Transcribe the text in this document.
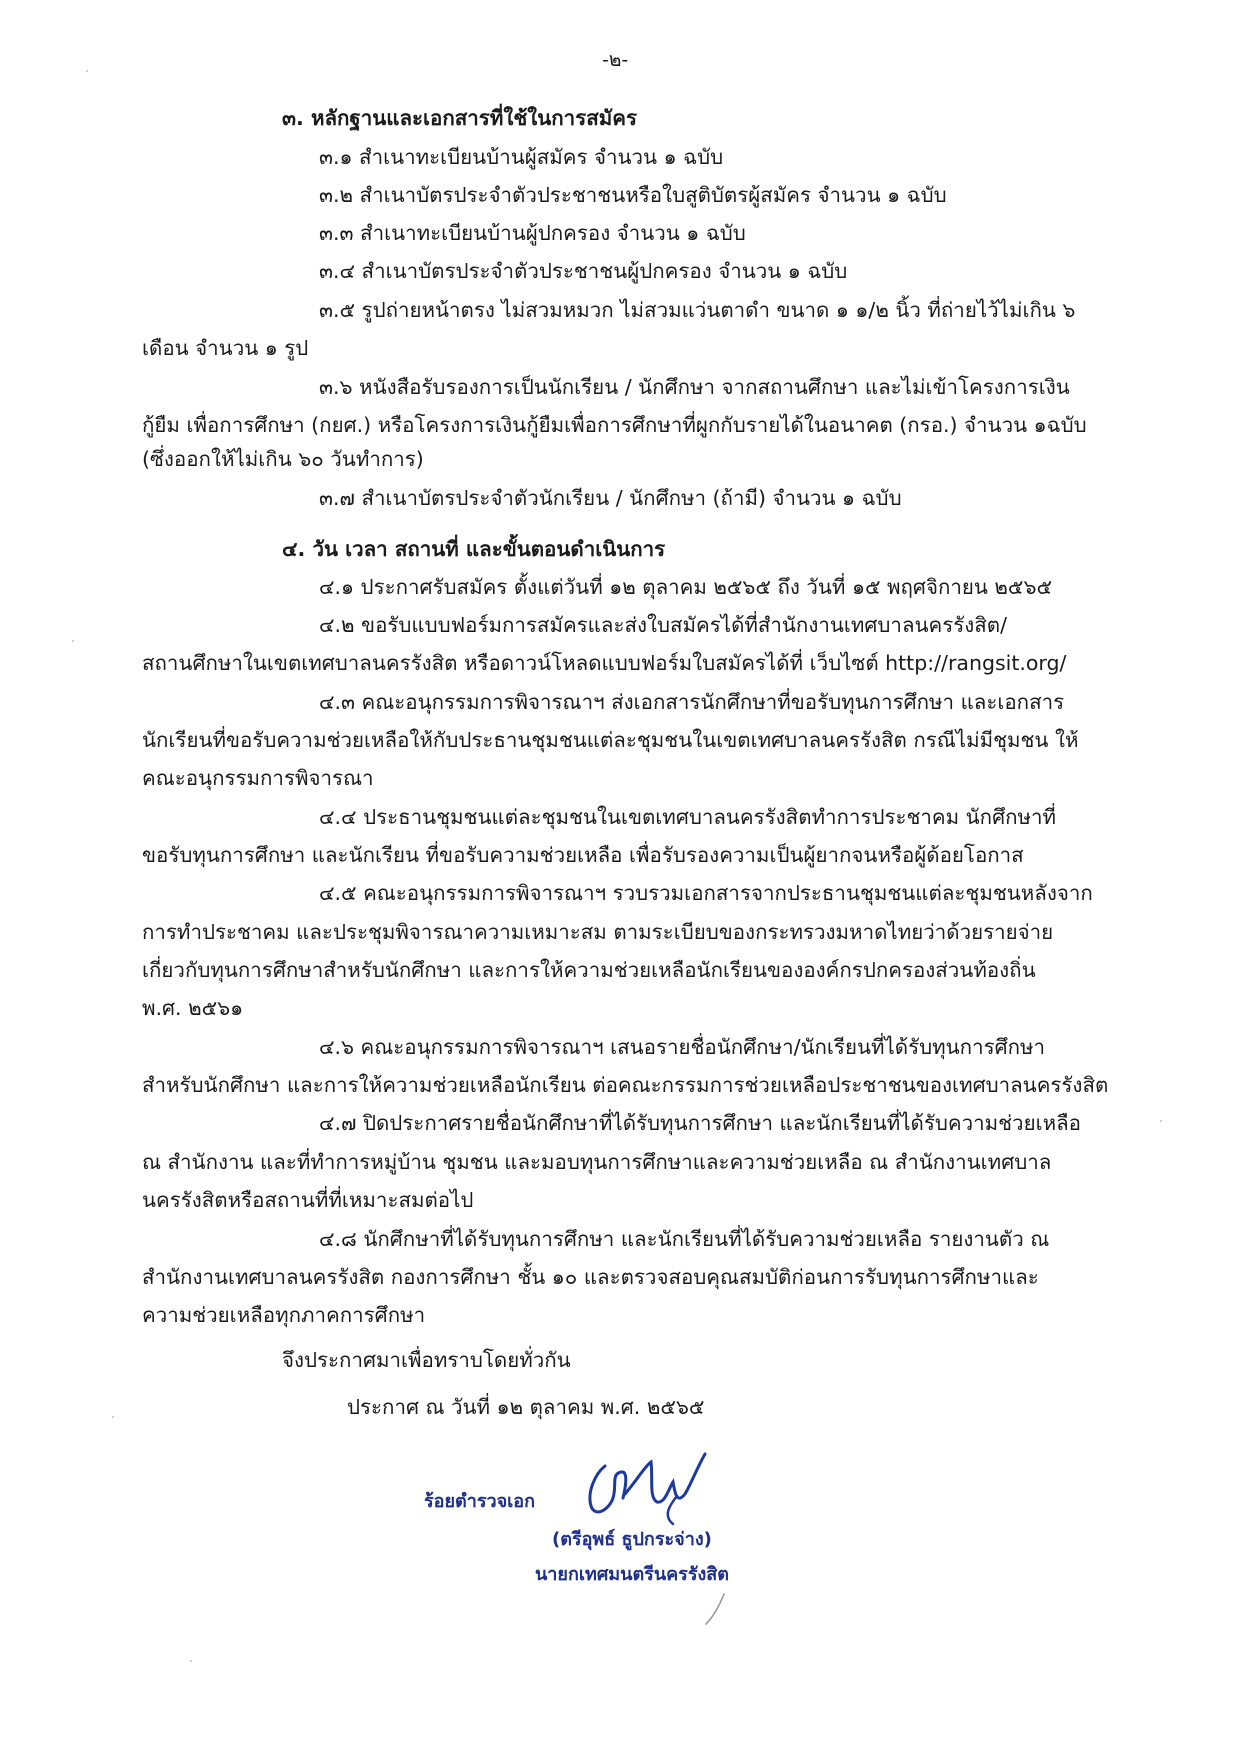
-๒-
๓. หลักฐานและเอกสารที่ใช้ในการสมัคร
๓.๑ สำเนาทะเบียนบ้านผู้สมัคร จำนวน ๑ ฉบับ
๓.๒ สำเนาบัตรประจำตัวประชาชนหรือใบสูติบัตรผู้สมัคร จำนวน ๑ ฉบับ
๓.๓ สำเนาทะเบียนบ้านผู้ปกครอง จำนวน ๑ ฉบับ
๓.๔ สำเนาบัตรประจำตัวประชาชนผู้ปกครอง จำนวน ๑ ฉบับ
๓.๕ รูปถ่ายหน้าตรง ไม่สวมหมวก ไม่สวมแว่นตาดำ ขนาด ๑ ๑/๒ นิ้ว ที่ถ่ายไว้ไม่เกิน ๖
เดือน จำนวน ๑ รูป
๓.๖ หนังสือรับรองการเป็นนักเรียน / นักศึกษา จากสถานศึกษา และไม่เข้าโครงการเงิน
กู้ยืม เพื่อการศึกษา (กยศ.) หรือโครงการเงินกู้ยืมเพื่อการศึกษาที่ผูกกับรายได้ในอนาคต (กรอ.) จำนวน ๑ฉบับ
(ซึ่งออกให้ไม่เกิน ๖๐ วันทำการ)
๓.๗ สำเนาบัตรประจำตัวนักเรียน / นักศึกษา (ถ้ามี) จำนวน ๑ ฉบับ
๔. วัน เวลา สถานที่ และขั้นตอนดำเนินการ
๔.๑ ประกาศรับสมัคร ตั้งแต่วันที่ ๑๒ ตุลาคม ๒๕๖๕ ถึง วันที่ ๑๕ พฤศจิกายน ๒๕๖๕
๔.๒ ขอรับแบบฟอร์มการสมัครและส่งใบสมัครได้ที่สำนักงานเทศบาลนครรังสิต/
สถานศึกษาในเขตเทศบาลนครรังสิต หรือดาวน์โหลดแบบฟอร์มใบสมัครได้ที่ เว็บไซต์ http://rangsit.org/
๔.๓ คณะอนุกรรมการพิจารณาฯ ส่งเอกสารนักศึกษาที่ขอรับทุนการศึกษา และเอกสาร
นักเรียนที่ขอรับความช่วยเหลือให้กับประธานชุมชนแต่ละชุมชนในเขตเทศบาลนครรังสิต กรณีไม่มีชุมชน ให้
คณะอนุกรรมการพิจารณา
๔.๔ ประธานชุมชนแต่ละชุมชนในเขตเทศบาลนครรังสิตทำการประชาคม นักศึกษาที่
ขอรับทุนการศึกษา และนักเรียน ที่ขอรับความช่วยเหลือ เพื่อรับรองความเป็นผู้ยากจนหรือผู้ด้อยโอกาส
๔.๕ คณะอนุกรรมการพิจารณาฯ รวบรวมเอกสารจากประธานชุมชนแต่ละชุมชนหลังจาก
การทำประชาคม และประชุมพิจารณาความเหมาะสม ตามระเบียบของกระทรวงมหาดไทยว่าด้วยรายจ่าย
เกี่ยวกับทุนการศึกษาสำหรับนักศึกษา และการให้ความช่วยเหลือนักเรียนขององค์กรปกครองส่วนท้องถิ่น
พ.ศ. ๒๕๖๑
๔.๖ คณะอนุกรรมการพิจารณาฯ เสนอรายชื่อนักศึกษา/นักเรียนที่ได้รับทุนการศึกษา
สำหรับนักศึกษา และการให้ความช่วยเหลือนักเรียน ต่อคณะกรรมการช่วยเหลือประชาชนของเทศบาลนครรังสิต
๔.๗ ปิดประกาศรายชื่อนักศึกษาที่ได้รับทุนการศึกษา และนักเรียนที่ได้รับความช่วยเหลือ
ณ สำนักงาน และที่ทำการหมู่บ้าน ชุมชน และมอบทุนการศึกษาและความช่วยเหลือ ณ สำนักงานเทศบาล
นครรังสิตหรือสถานที่ที่เหมาะสมต่อไป
๔.๘ นักศึกษาที่ได้รับทุนการศึกษา และนักเรียนที่ได้รับความช่วยเหลือ รายงานตัว ณ
สำนักงานเทศบาลนครรังสิต กองการศึกษา ชั้น ๑๐ และตรวจสอบคุณสมบัติก่อนการรับทุนการศึกษาและ
ความช่วยเหลือทุกภาคการศึกษา
จึงประกาศมาเพื่อทราบโดยทั่วกัน
ประกาศ ณ วันที่ ๑๒ ตุลาคม พ.ศ. ๒๕๖๕
ร้อยตำรวจเอก
(ตรีอุพธ์ ธูปกระจ่าง)
นายกเทศมนตรีนครรังสิต
